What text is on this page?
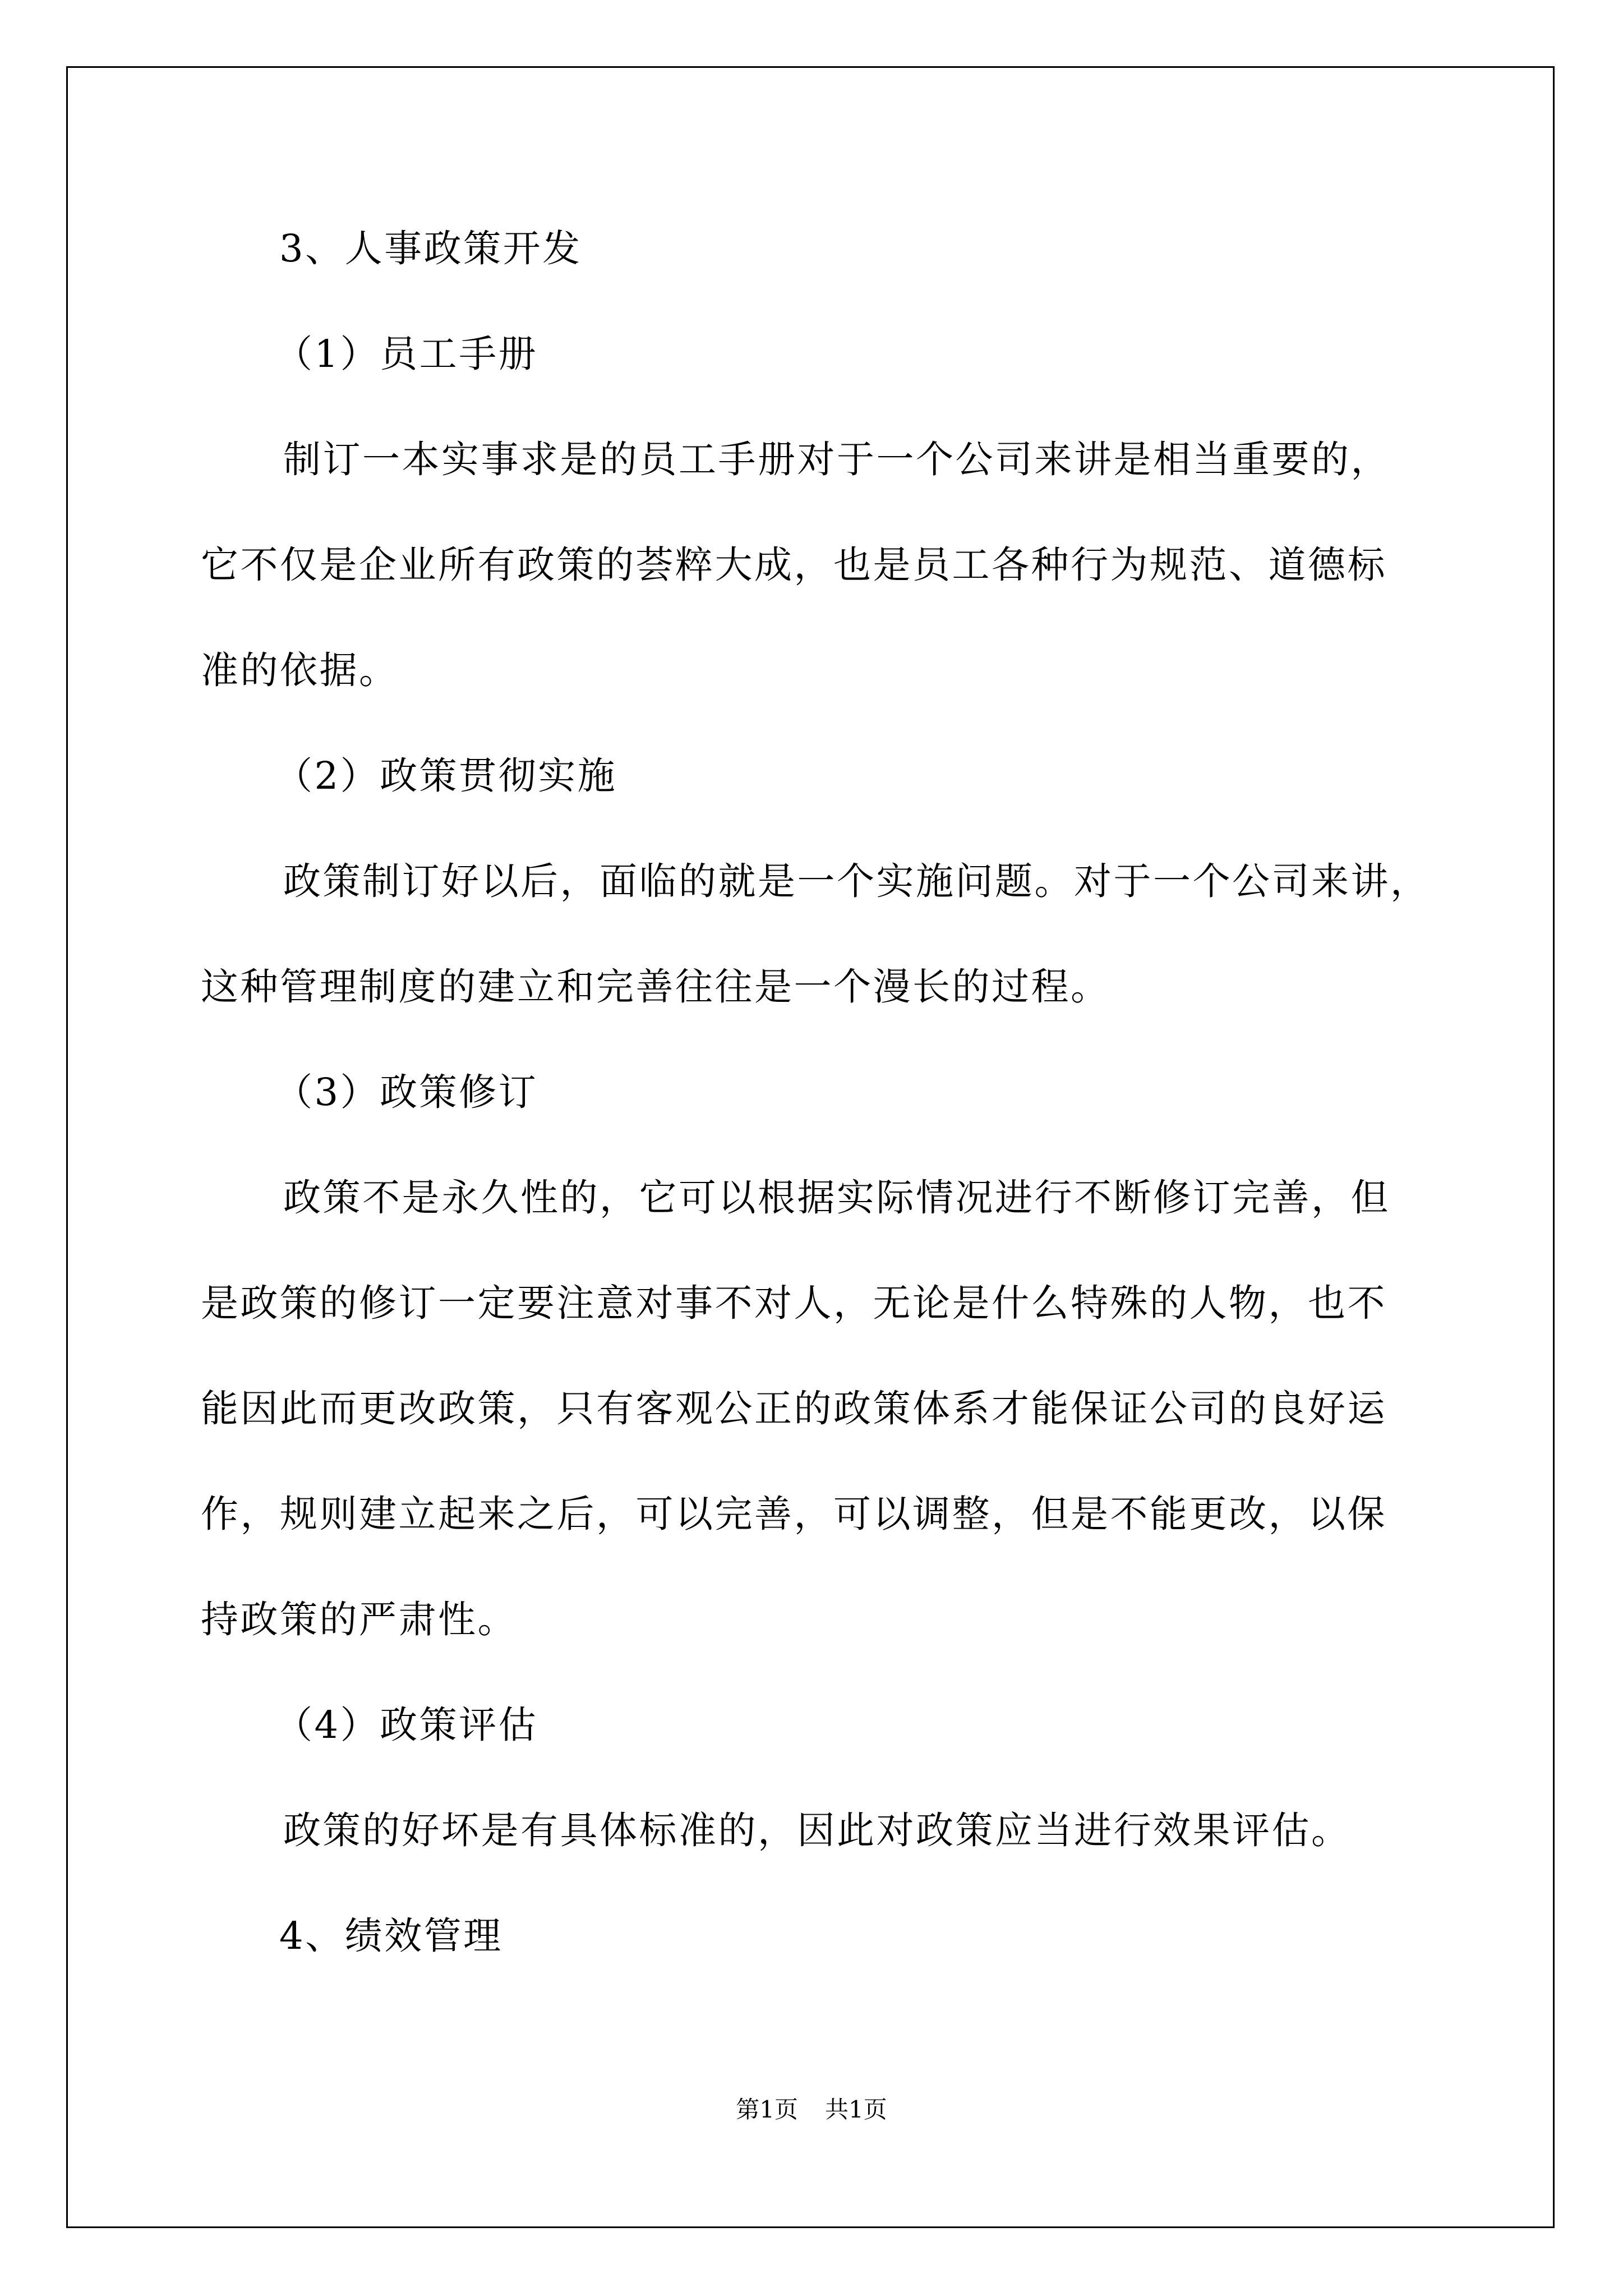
3、人事政策开发
（1）员工手册
制订一本实事求是的员工手册对于一个公司来讲是相当重要的，
它不仅是企业所有政策的荟粹大成，也是员工各种行为规范、道德标
准的依据。
（2）政策贯彻实施
政策制订好以后，面临的就是一个实施问题。对于一个公司来讲，
这种管理制度的建立和完善往往是一个漫长的过程。
（3）政策修订
政策不是永久性的，它可以根据实际情况进行不断修订完善，但
是政策的修订一定要注意对事不对人，无论是什么特殊的人物，也不
能因此而更改政策，只有客观公正的政策体系才能保证公司的良好运
作，规则建立起来之后，可以完善，可以调整，但是不能更改，以保
持政策的严肃性。
（4）政策评估
政策的好坏是有具体标准的，因此对政策应当进行效果评估。
4、绩效管理
第1页 共1页
